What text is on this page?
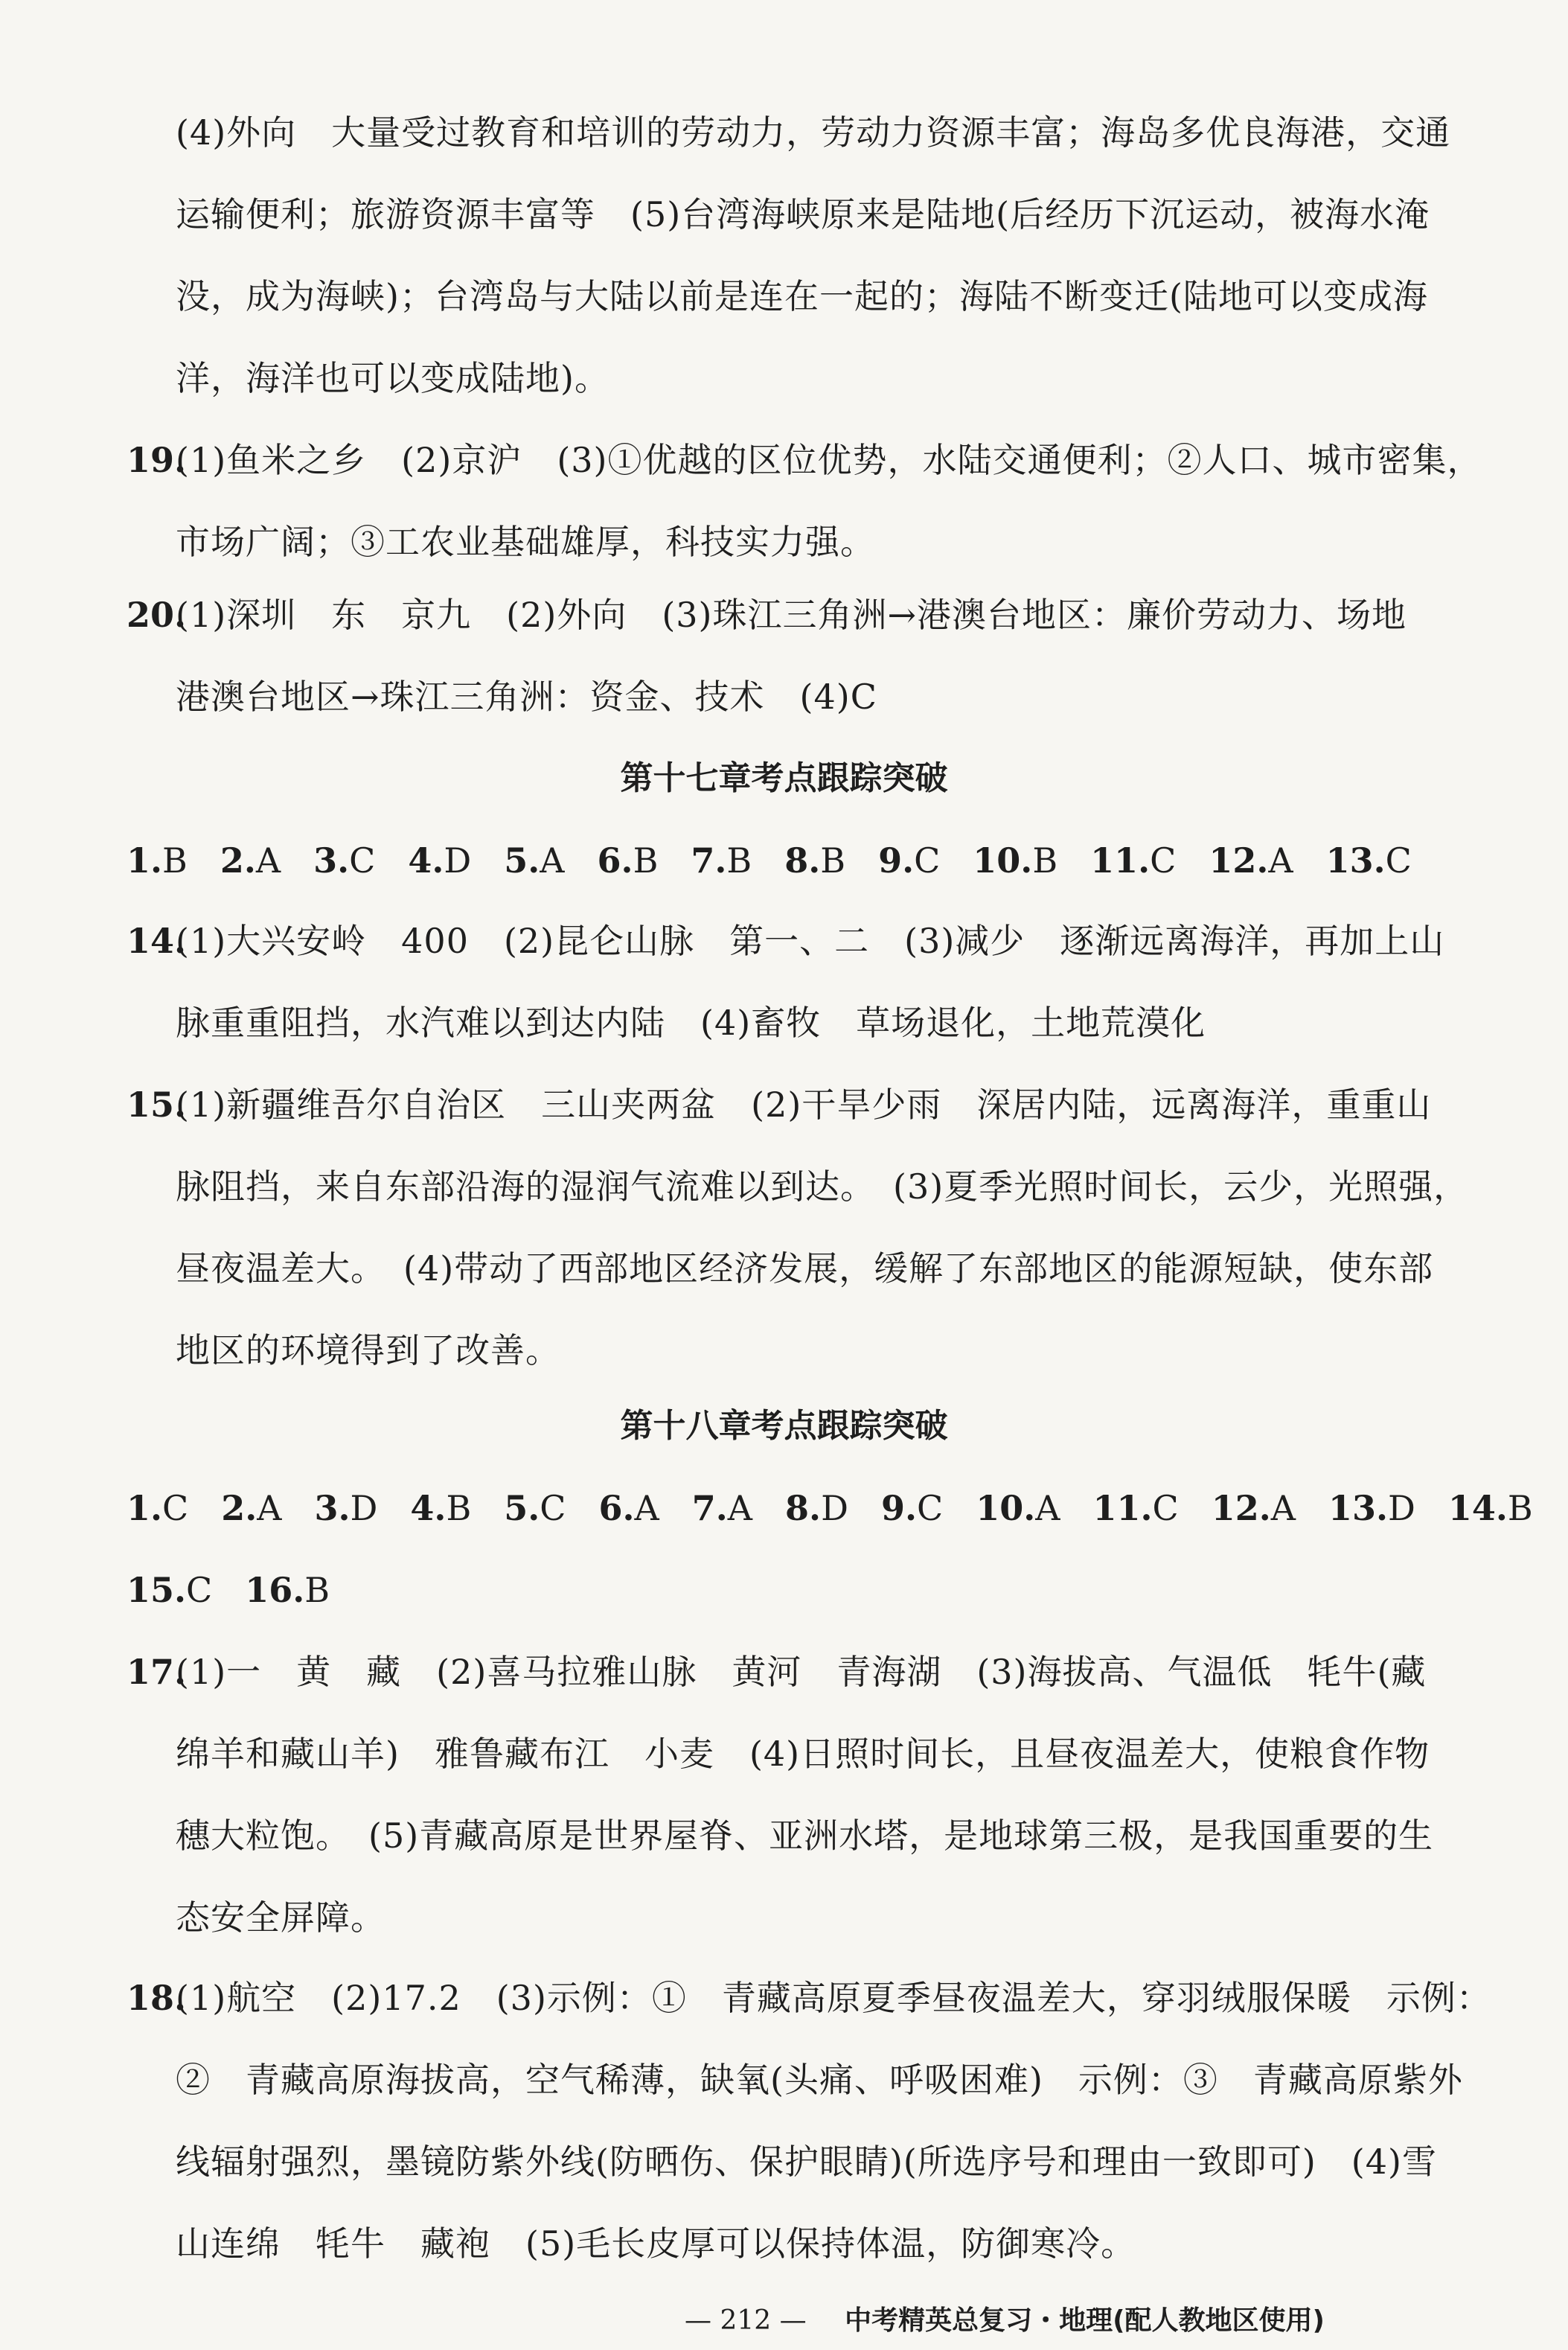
(4)外向　大量受过教育和培训的劳动力，劳动力资源丰富；海岛多优良海港，交通
运输便利；旅游资源丰富等　(5)台湾海峡原来是陆地(后经历下沉运动，被海水淹
没，成为海峡)；台湾岛与大陆以前是连在一起的；海陆不断变迁(陆地可以变成海
洋，海洋也可以变成陆地)。
19.
(1)鱼米之乡　(2)京沪　(3)①优越的区位优势，水陆交通便利；②人口、城市密集，
市场广阔；③工农业基础雄厚，科技实力强。
20.
(1)深圳　东　京九　(2)外向　(3)珠江三角洲→港澳台地区：廉价劳动力、场地
港澳台地区→珠江三角洲：资金、技术　(4)C
第十七章考点跟踪突破
1.B 2.A 3.C 4.D 5.A 6.B 7.B 8.B 9.C 10.B 11.C 12.A 13.C
14.
(1)大兴安岭　400　(2)昆仑山脉　第一、二　(3)减少　逐渐远离海洋，再加上山
脉重重阻挡，水汽难以到达内陆　(4)畜牧　草场退化，土地荒漠化
15.
(1)新疆维吾尔自治区　三山夹两盆　(2)干旱少雨　深居内陆，远离海洋，重重山
脉阻挡，来自东部沿海的湿润气流难以到达。　(3)夏季光照时间长，云少，光照强，
昼夜温差大。　(4)带动了西部地区经济发展，缓解了东部地区的能源短缺，使东部
地区的环境得到了改善。
第十八章考点跟踪突破
1.C 2.A 3.D 4.B 5.C 6.A 7.A 8.D 9.C 10.A 11.C 12.A 13.D 14.B
15.C 16.B
17.
(1)一　黄　藏　(2)喜马拉雅山脉　黄河　青海湖　(3)海拔高、气温低　牦牛(藏
绵羊和藏山羊)　雅鲁藏布江　小麦　(4)日照时间长，且昼夜温差大，使粮食作物
穗大粒饱。　(5)青藏高原是世界屋脊、亚洲水塔，是地球第三极，是我国重要的生
态安全屏障。
18.
(1)航空　(2)17.2　(3)示例：①　青藏高原夏季昼夜温差大，穿羽绒服保暖　示例：
②　青藏高原海拔高，空气稀薄，缺氧(头痛、呼吸困难)　示例：③　青藏高原紫外
线辐射强烈，墨镜防紫外线(防晒伤、保护眼睛)(所选序号和理由一致即可)　(4)雪
山连绵　牦牛　藏袍　(5)毛长皮厚可以保持体温，防御寒冷。
— 212 — 中考精英总复习・地理(配人教地区使用)
